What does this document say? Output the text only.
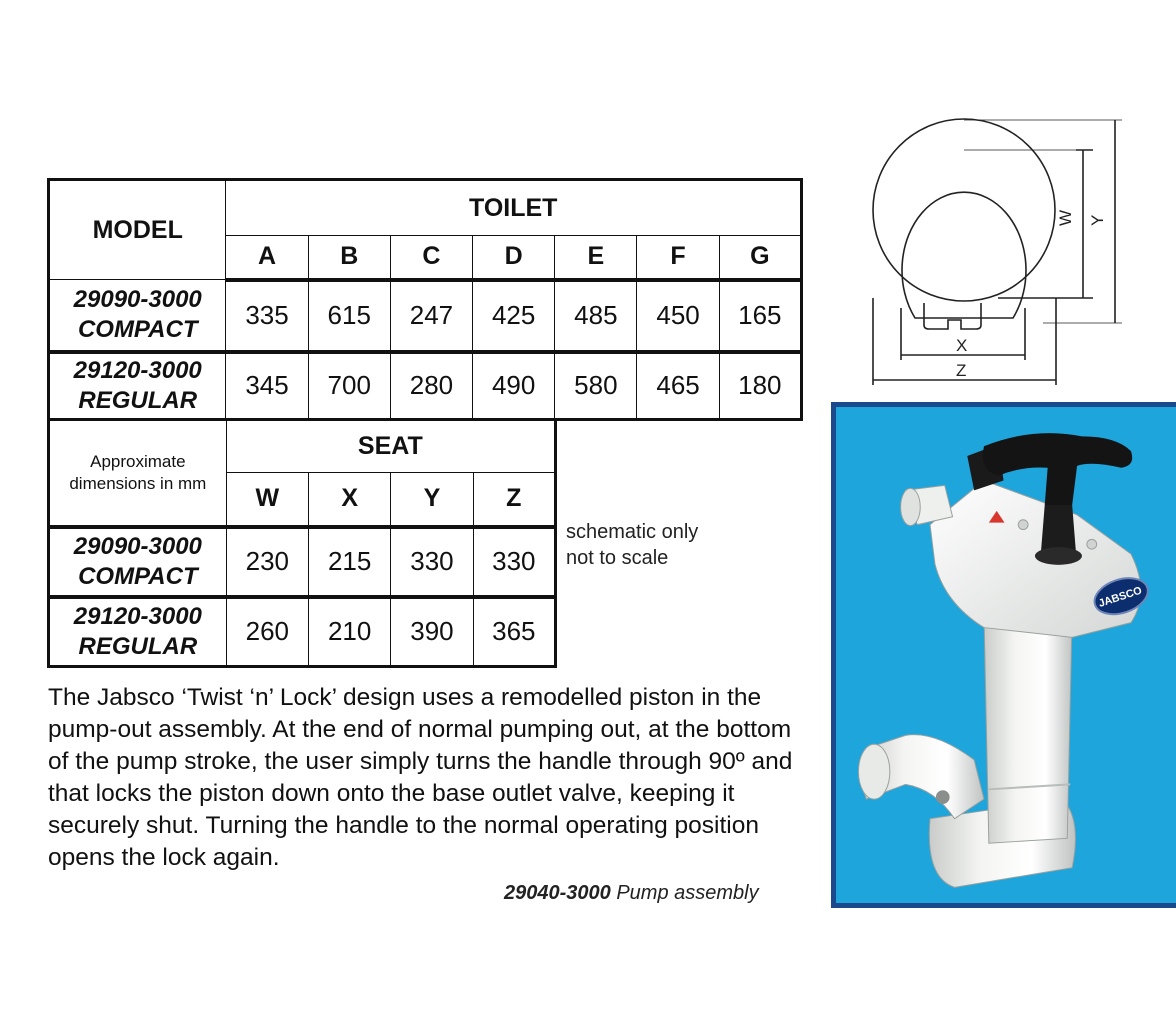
MODEL	TOILET						
	A	B	C	D	E	F	G

29090-3000
COMPACT	335	615	247	425	485	450	165

29120-3000
REGULAR	345	700	280	490	580	465	180
Approximate dimensions in mm	SEAT			
	W	X	Y	Z

29090-3000
COMPACT	230	215	330	330

29120-3000
REGULAR	260	210	390	365
schematic only
not to scale
W Y
X
Z
JABSCO

The Jabsco ‘Twist ‘n’ Lock’ design uses a remodelled piston in the pump-out assembly. At the end of normal pumping out, at the bottom of the pump stroke, the user simply turns the handle through 90º and that locks the piston down onto the base outlet valve, keeping it securely shut. Turning the handle to the normal operating position opens the lock again.

29040-3000 Pump assembly
